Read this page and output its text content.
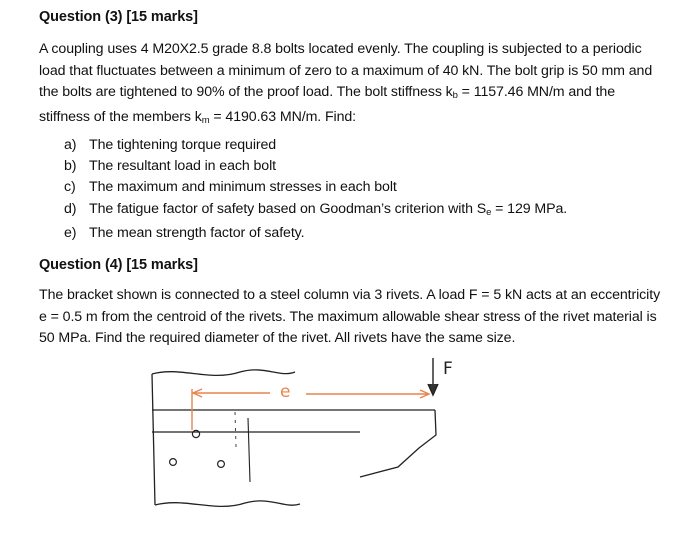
Question (3) [15 marks]
A coupling uses 4 M20X2.5 grade 8.8 bolts located evenly. The coupling is subjected to a periodic load that fluctuates between a minimum of zero to a maximum of 40 kN. The bolt grip is 50 mm and the bolts are tightened to 90% of the proof load. The bolt stiffness $k_b = 1157.46$ MN/m and the stiffness of the members $k_m = 4190.63$ MN/m. Find:
a) The tightening torque required
b) The resultant load in each bolt
c) The maximum and minimum stresses in each bolt
d) The fatigue factor of safety based on Goodman’s criterion with $S_e = 129$ MPa.
e) The mean strength factor of safety.
Question (4) [15 marks]
The bracket shown is connected to a steel column via 3 rivets. A load F = 5 kN acts at an eccentricity e = 0.5 m from the centroid of the rivets. The maximum allowable shear stress of the rivet material is 50 MPa. Find the required diameter of the rivet. All rivets have the same size.
e
F
